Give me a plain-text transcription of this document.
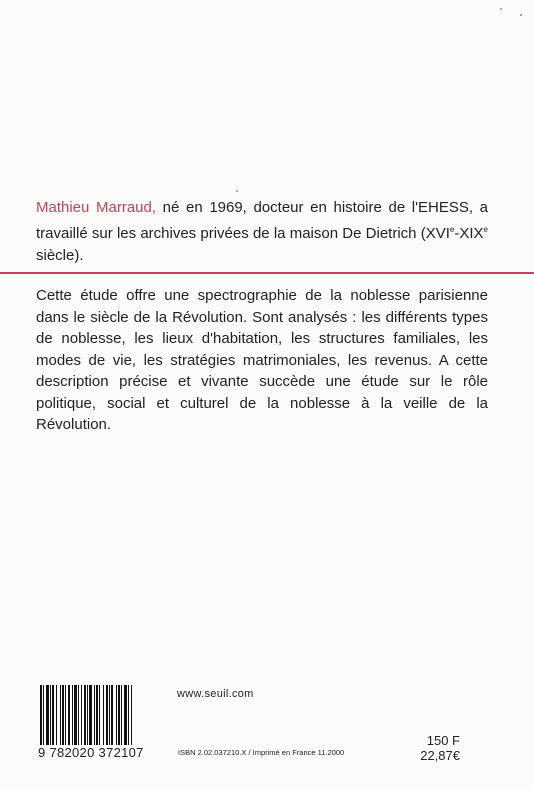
Mathieu Marraud, né en 1969, docteur en histoire de l'EHESS, a travaillé sur les archives privées de la maison De Dietrich (XVIe-XIXe siècle).

Cette étude offre une spectrographie de la noblesse parisienne dans le siècle de la Révolution. Sont analysés : les différents types de noblesse, les lieux d'habitation, les structures familiales, les modes de vie, les stratégies matrimoniales, les revenus. A cette description précise et vivante succède une étude sur le rôle politique, social et culturel de la noblesse à la veille de la Révolution.

9 782020 372107
www.seuil.com
ISBN 2.02.037210.X / Imprimé en France 11.2000
150 F
22,87€
